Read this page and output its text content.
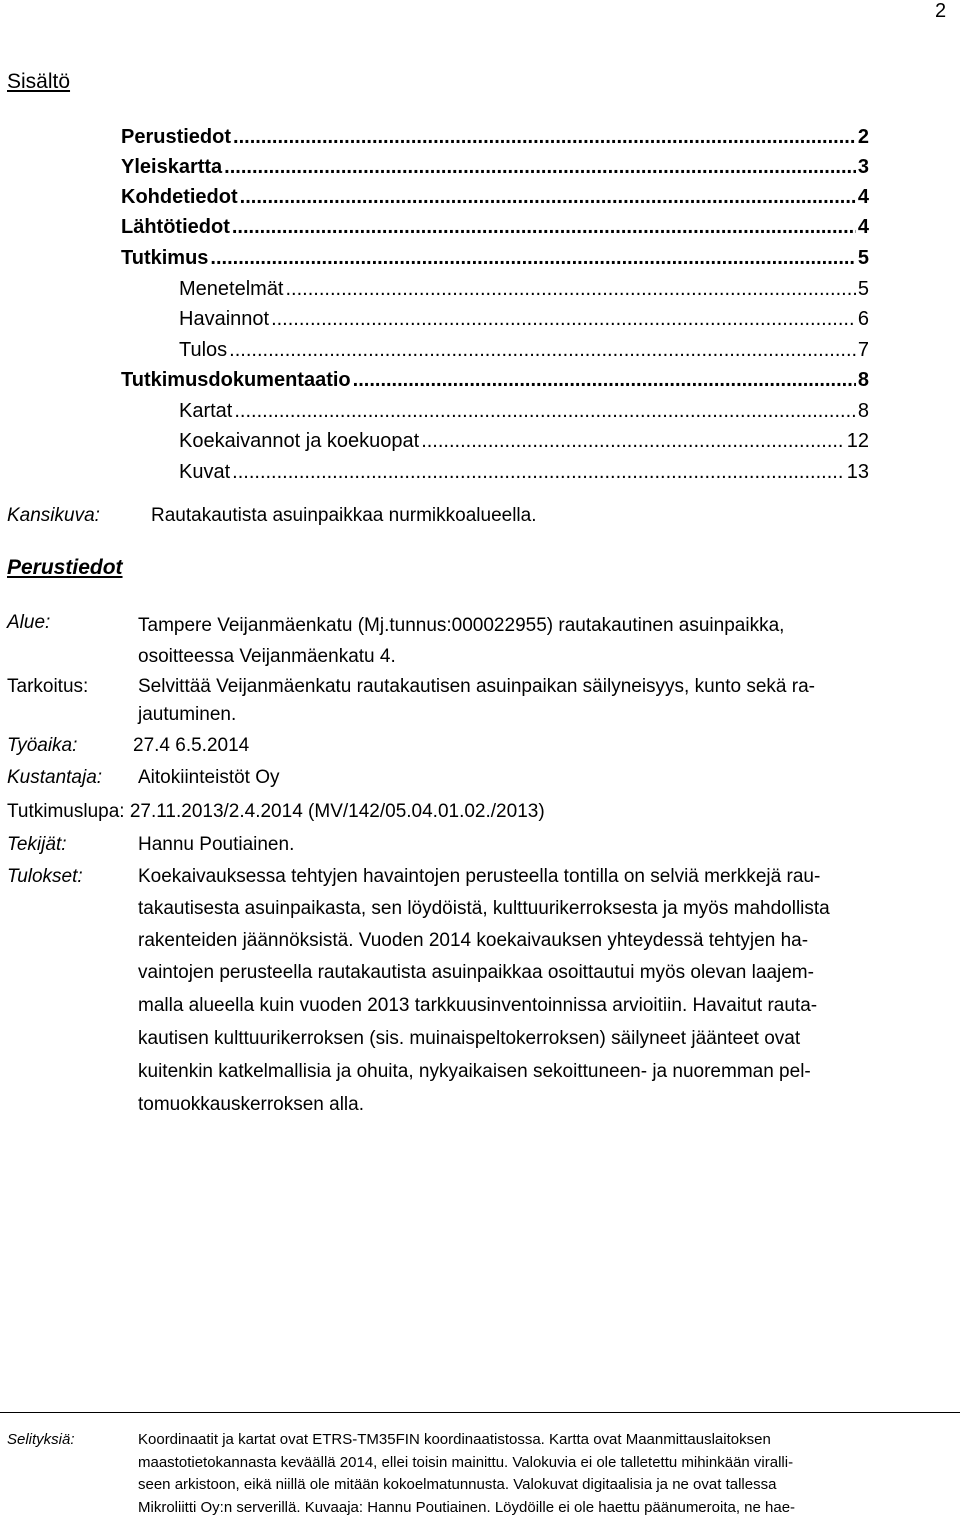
2
Sisältö
Perustiedot .....	2
Yleiskartta .....	3
Kohdetiedot .....	4
Lähtötiedot .....	4
Tutkimus .....	5
Menetelmät .....	5
Havainnot .....	6
Tulos .....	7
Tutkimusdokumentaatio .....	8
Kartat .....	8
Koekaivannot ja koekuopat .....	12
Kuvat .....	13
Kansikuva:	Rautakautista asuinpaikkaa nurmikkoalueella.
Perustiedot
Alue:	Tampere Veijanmäenkatu (Mj.tunnus:000022955) rautakautinen asuinpaikka,
osoitteessa Veijanmäenkatu 4.
Tarkoitus:	Selvittää Veijanmäenkatu rautakautisen asuinpaikan säilyneisyys, kunto sekä ra-
jautuminen.
Työaika:	27.4 6.5.2014
Kustantaja: Aitokiinteistöt Oy
Tutkimuslupa: 27.11.2013/2.4.2014 (MV/142/05.04.01.02./2013)
Tekijät:	Hannu Poutiainen.
Tulokset:	Koekaivauksessa tehtyjen havaintojen perusteella tontilla on selviä merkkejä rau-
takautisesta asuinpaikasta, sen löydöistä, kulttuurikerroksesta ja myös mahdollista
rakenteiden jäännöksistä. Vuoden 2014 koekaivauksen yhteydessä tehtyjen ha-
vaintojen perusteella rautakautista asuinpaikkaa osoittautui myös olevan laajem-
malla alueella kuin vuoden 2013 tarkkuusinventoinnissa arvioitiin. Havaitut rauta-
kautisen kulttuurikerroksen (sis. muinaispeltokerroksen) säilyneet jäänteet ovat
kuitenkin katkelmallisia ja ohuita, nykyaikaisen sekoittuneen- ja nuoremman pel-
tomuokkauskerroksen alla.
Selityksiä:	Koordinaatit ja kartat ovat ETRS-TM35FIN koordinaatistossa. Kartta ovat Maanmittauslaitoksen
maastotietokannasta keväällä 2014, ellei toisin mainittu. Valokuvia ei ole talletettu mihinkään viralli-
seen arkistoon, eikä niillä ole mitään kokoelmatunnusta. Valokuvat digitaalisia ja ne ovat tallessa
Mikroliitti Oy:n serverillä. Kuvaaja: Hannu Poutiainen. Löydöille ei ole haettu päänumeroita, ne hae-
